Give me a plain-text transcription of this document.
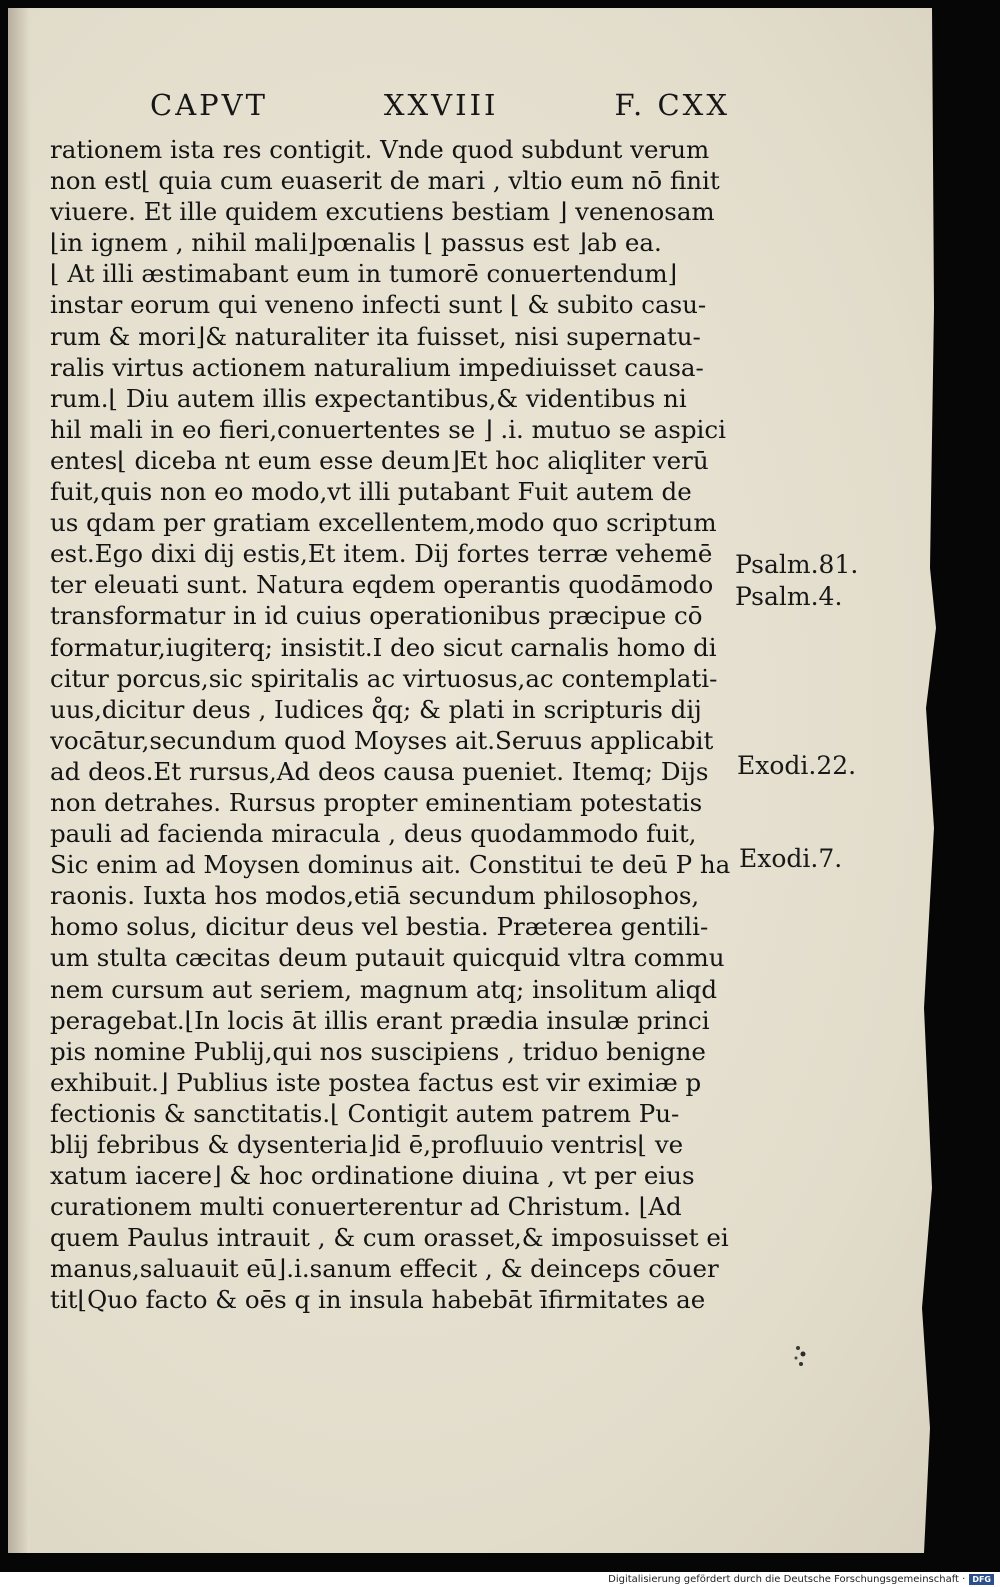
CAPVT	XXVIII	F. CXX
rationem ista res contigit. Vnde quod subdunt verum
non est⌊ quia cum euaserit de mari , vltio eum nō finit
viuere. Et ille quidem excutiens bestiam ⌋ venenosam
⌊in ignem , nihil mali⌋pœnalis ⌊ passus est ⌋ab ea.
⌊ At illi æstimabant eum in tumorē conuertendum⌋
instar eorum qui veneno infecti sunt ⌊ & subito casu-
rum & mori⌋& naturaliter ita fuisset, nisi supernatu-
ralis virtus actionem naturalium impediuisset causa-
rum.⌊ Diu autem illis expectantibus,& videntibus ni
hil mali in eo fieri,conuertentes se ⌋ .i. mutuo se aspici
entes⌊ diceba nt eum esse deum⌋Et hoc aliqliter verū
fuit,quis non eo modo,vt illi putabant Fuit autem de
us qdam per gratiam excellentem,modo quo scriptum
est.Ego dixi dij estis,Et item. Dij fortes terræ vehemē
ter eleuati sunt. Natura eqdem operantis quodāmodo
transformatur in id cuius operationibus præcipue cō
formatur,iugiterq; insistit.I deo sicut carnalis homo di
citur porcus,sic spiritalis ac virtuosus,ac contemplati-
uus,dicitur deus , Iudices q̊q; & plati in scripturis dij
vocātur,secundum quod Moyses ait.Seruus applicabit
ad deos.Et rursus,Ad deos causa pueniet. Itemq; Dijs
non detrahes. Rursus propter eminentiam potestatis
pauli ad facienda miracula , deus quodammodo fuit,
Sic enim ad Moysen dominus ait. Constitui te deū P ha
raonis. Iuxta hos modos,etiā secundum philosophos,
homo solus, dicitur deus vel bestia. Præterea gentili-
um stulta cæcitas deum putauit quicquid vltra commu
nem cursum aut seriem, magnum atq; insolitum aliqd
peragebat.⌊In locis āt illis erant prædia insulæ princi
pis nomine Publij,qui nos suscipiens , triduo benigne
exhibuit.⌋ Publius iste postea factus est vir eximiæ p
fectionis & sanctitatis.⌊ Contigit autem patrem Pu-
blij febribus & dysenteria⌋id ē,profluuio ventris⌊ ve
xatum iacere⌋ & hoc ordinatione diuina , vt per eius
curationem multi conuerterentur ad Christum. ⌊Ad
quem Paulus intrauit , & cum orasset,& imposuisset ei
manus,saluauit eū⌋.i.sanum effecit , & deinceps cōuer
tit⌊Quo facto & oēs q in insula habebāt īfirmitates ae
Psalm.81.
Psalm.4.
Exodi.22.
Exodi.7.
Digitalisierung gefördert durch die Deutsche Forschungsgemeinschaft · DFG
